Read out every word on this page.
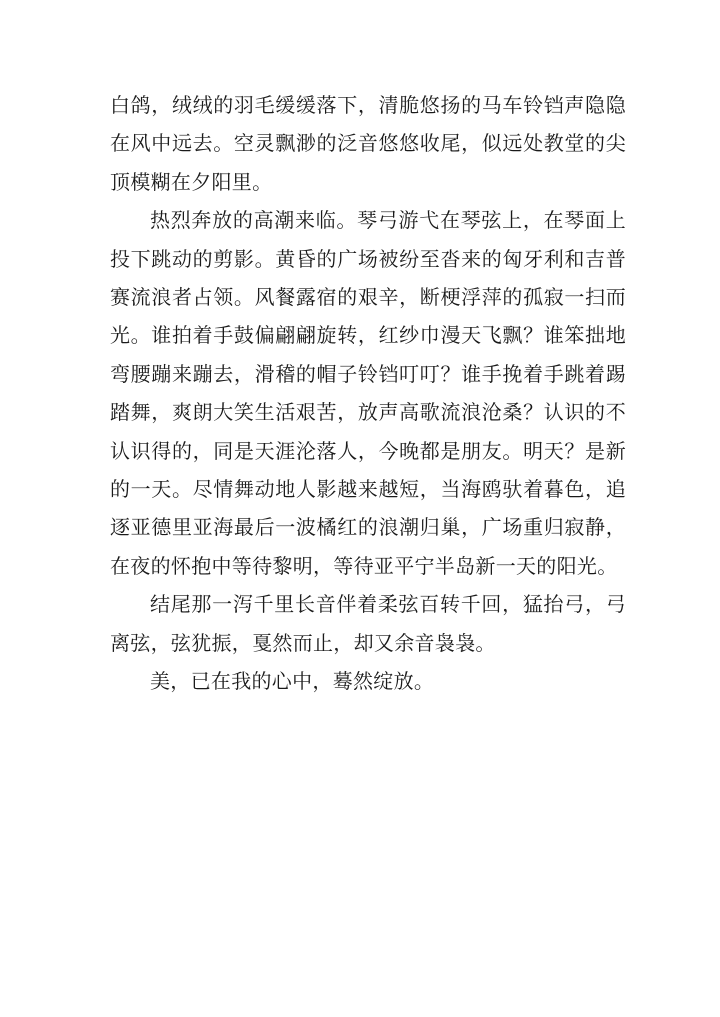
白鸽，绒绒的羽毛缓缓落下，清脆悠扬的马车铃铛声隐隐在风中远去。空灵飘渺的泛音悠悠收尾，似远处教堂的尖顶模糊在夕阳里。

热烈奔放的高潮来临。琴弓游弋在琴弦上，在琴面上投下跳动的剪影。黄昏的广场被纷至沓来的匈牙利和吉普赛流浪者占领。风餐露宿的艰辛，断梗浮萍的孤寂一扫而光。谁拍着手鼓偏翩翩旋转，红纱巾漫天飞飘？谁笨拙地弯腰蹦来蹦去，滑稽的帽子铃铛叮叮？谁手挽着手跳着踢踏舞，爽朗大笑生活艰苦，放声高歌流浪沧桑？认识的不认识得的，同是天涯沦落人，今晚都是朋友。明天？是新的一天。尽情舞动地人影越来越短，当海鸥驮着暮色，追逐亚德里亚海最后一波橘红的浪潮归巢，广场重归寂静，在夜的怀抱中等待黎明，等待亚平宁半岛新一天的阳光。

结尾那一泻千里长音伴着柔弦百转千回，猛抬弓，弓离弦，弦犹振，戛然而止，却又余音袅袅。

美，已在我的心中，蓦然绽放。
